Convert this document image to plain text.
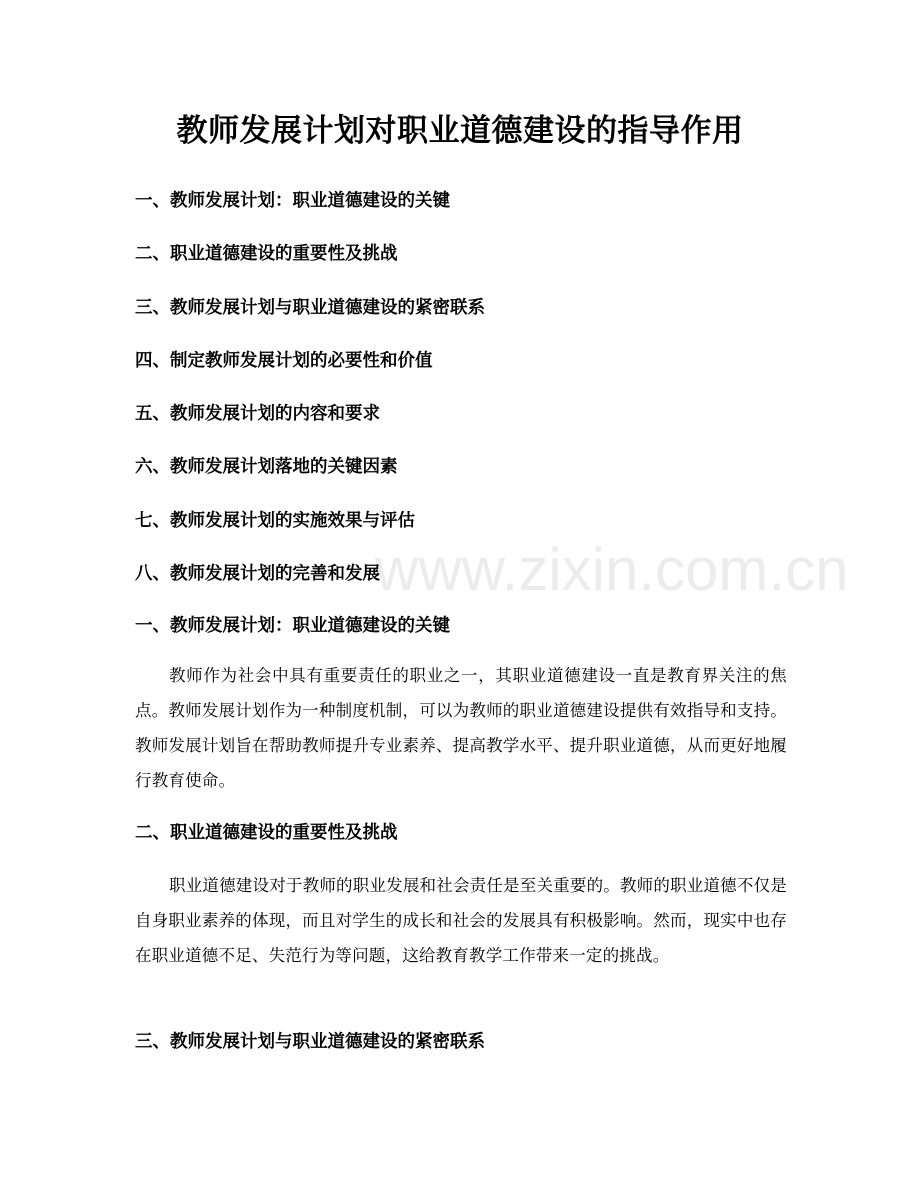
www.zixin.com.cn
教师发展计划对职业道德建设的指导作用
一、教师发展计划：职业道德建设的关键
二、职业道德建设的重要性及挑战
三、教师发展计划与职业道德建设的紧密联系
四、制定教师发展计划的必要性和价值
五、教师发展计划的内容和要求
六、教师发展计划落地的关键因素
七、教师发展计划的实施效果与评估
八、教师发展计划的完善和发展
一、教师发展计划：职业道德建设的关键
教师作为社会中具有重要责任的职业之一，其职业道德建设一直是教育界关注的焦点。教师发展计划作为一种制度机制，可以为教师的职业道德建设提供有效指导和支持。教师发展计划旨在帮助教师提升专业素养、提高教学水平、提升职业道德，从而更好地履行教育使命。
二、职业道德建设的重要性及挑战
职业道德建设对于教师的职业发展和社会责任是至关重要的。教师的职业道德不仅是自身职业素养的体现，而且对学生的成长和社会的发展具有积极影响。然而，现实中也存在职业道德不足、失范行为等问题，这给教育教学工作带来一定的挑战。
三、教师发展计划与职业道德建设的紧密联系
